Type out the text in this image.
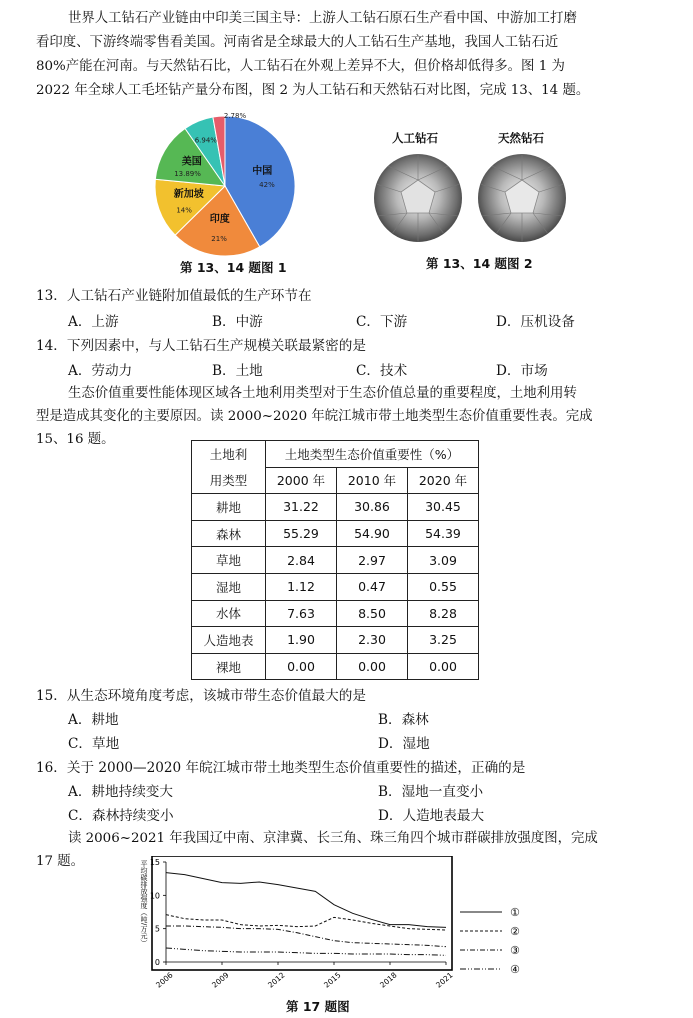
世界人工钻石产业链由中印美三国主导：上游人工钻石原石生产看中国、中游加工打磨
看印度、下游终端零售看美国。河南省是全球最大的人工钻石生产基地，我国人工钻石近
80%产能在河南。与天然钻石比，人工钻石在外观上差异不大，但价格却低得多。图 1 为
2022 年全球人工毛坯钻产量分布图，图 2 为人工钻石和天然钻石对比图，完成 13、14 题。
中国
42%
印度
21%
新加坡
14%
美国
13.89%
6.94%
2.78%
第 13、14 题图 1
人工钻石	天然钻石
第 13、14 题图 2
13．人工钻石产业链附加值最低的生产环节在
A．上游	B．中游	C．下游	D．压机设备
14．下列因素中，与人工钻石生产规模关联最紧密的是
A．劳动力	B．土地	C．技术	D．市场
生态价值重要性能体现区域各土地利用类型对于生态价值总量的重要程度，土地利用转
型是造成其变化的主要原因。读 2000~2020 年皖江城市带土地类型生态价值重要性表。完成
15、16 题。
土地利	土地类型生态价值重要性（%）		
用类型	2000 年	2010 年	2020 年
耕地	31.22	30.86	30.45
森林	55.29	54.90	54.39
草地	2.84	2.97	3.09
湿地	1.12	0.47	0.55
水体	7.63	8.50	8.28
人造地表	1.90	2.30	3.25
裸地	0.00	0.00	0.00
15．从生态环境角度考虑，该城市带生态价值最大的是
A．耕地	B．森林
C．草地	D．湿地
16．关于 2000—2020 年皖江城市带土地类型生态价值重要性的描述，正确的是
A．耕地持续变大	B．湿地一直变小
C．森林持续变小	D．人造地表最大
读 2006~2021 年我国辽中南、京津冀、长三角、珠三角四个城市群碳排放强度图，完成
17 题。
0
5
10
15
2006	2009	2012	2015	2018	2021
平均碳排放强度（吨/万元）	①
②
③
④
第 17 题图
